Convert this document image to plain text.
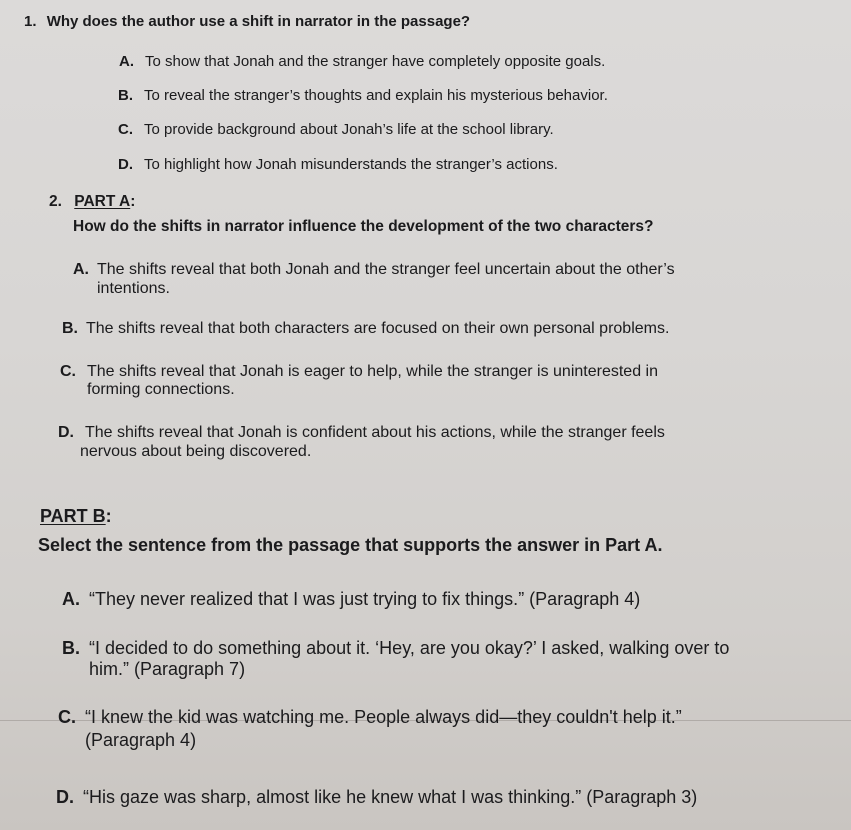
1. Why does the author use a shift in narrator in the passage?
A. To show that Jonah and the stranger have completely opposite goals.
B. To reveal the stranger’s thoughts and explain his mysterious behavior.
C. To provide background about Jonah’s life at the school library.
D. To highlight how Jonah misunderstands the stranger’s actions.
2. PART A:
How do the shifts in narrator influence the development of the two characters?
A. The shifts reveal that both Jonah and the stranger feel uncertain about the other’s
intentions.
B. The shifts reveal that both characters are focused on their own personal problems.
C. The shifts reveal that Jonah is eager to help, while the stranger is uninterested in
forming connections.
D. The shifts reveal that Jonah is confident about his actions, while the stranger feels
nervous about being discovered.
PART B:
Select the sentence from the passage that supports the answer in Part A.
A. “They never realized that I was just trying to fix things.” (Paragraph 4)
B. “I decided to do something about it. ‘Hey, are you okay?’ I asked, walking over to
him.” (Paragraph 7)
C. “I knew the kid was watching me. People always did—they couldn't help it.”
(Paragraph 4)
D. “His gaze was sharp, almost like he knew what I was thinking.” (Paragraph 3)
